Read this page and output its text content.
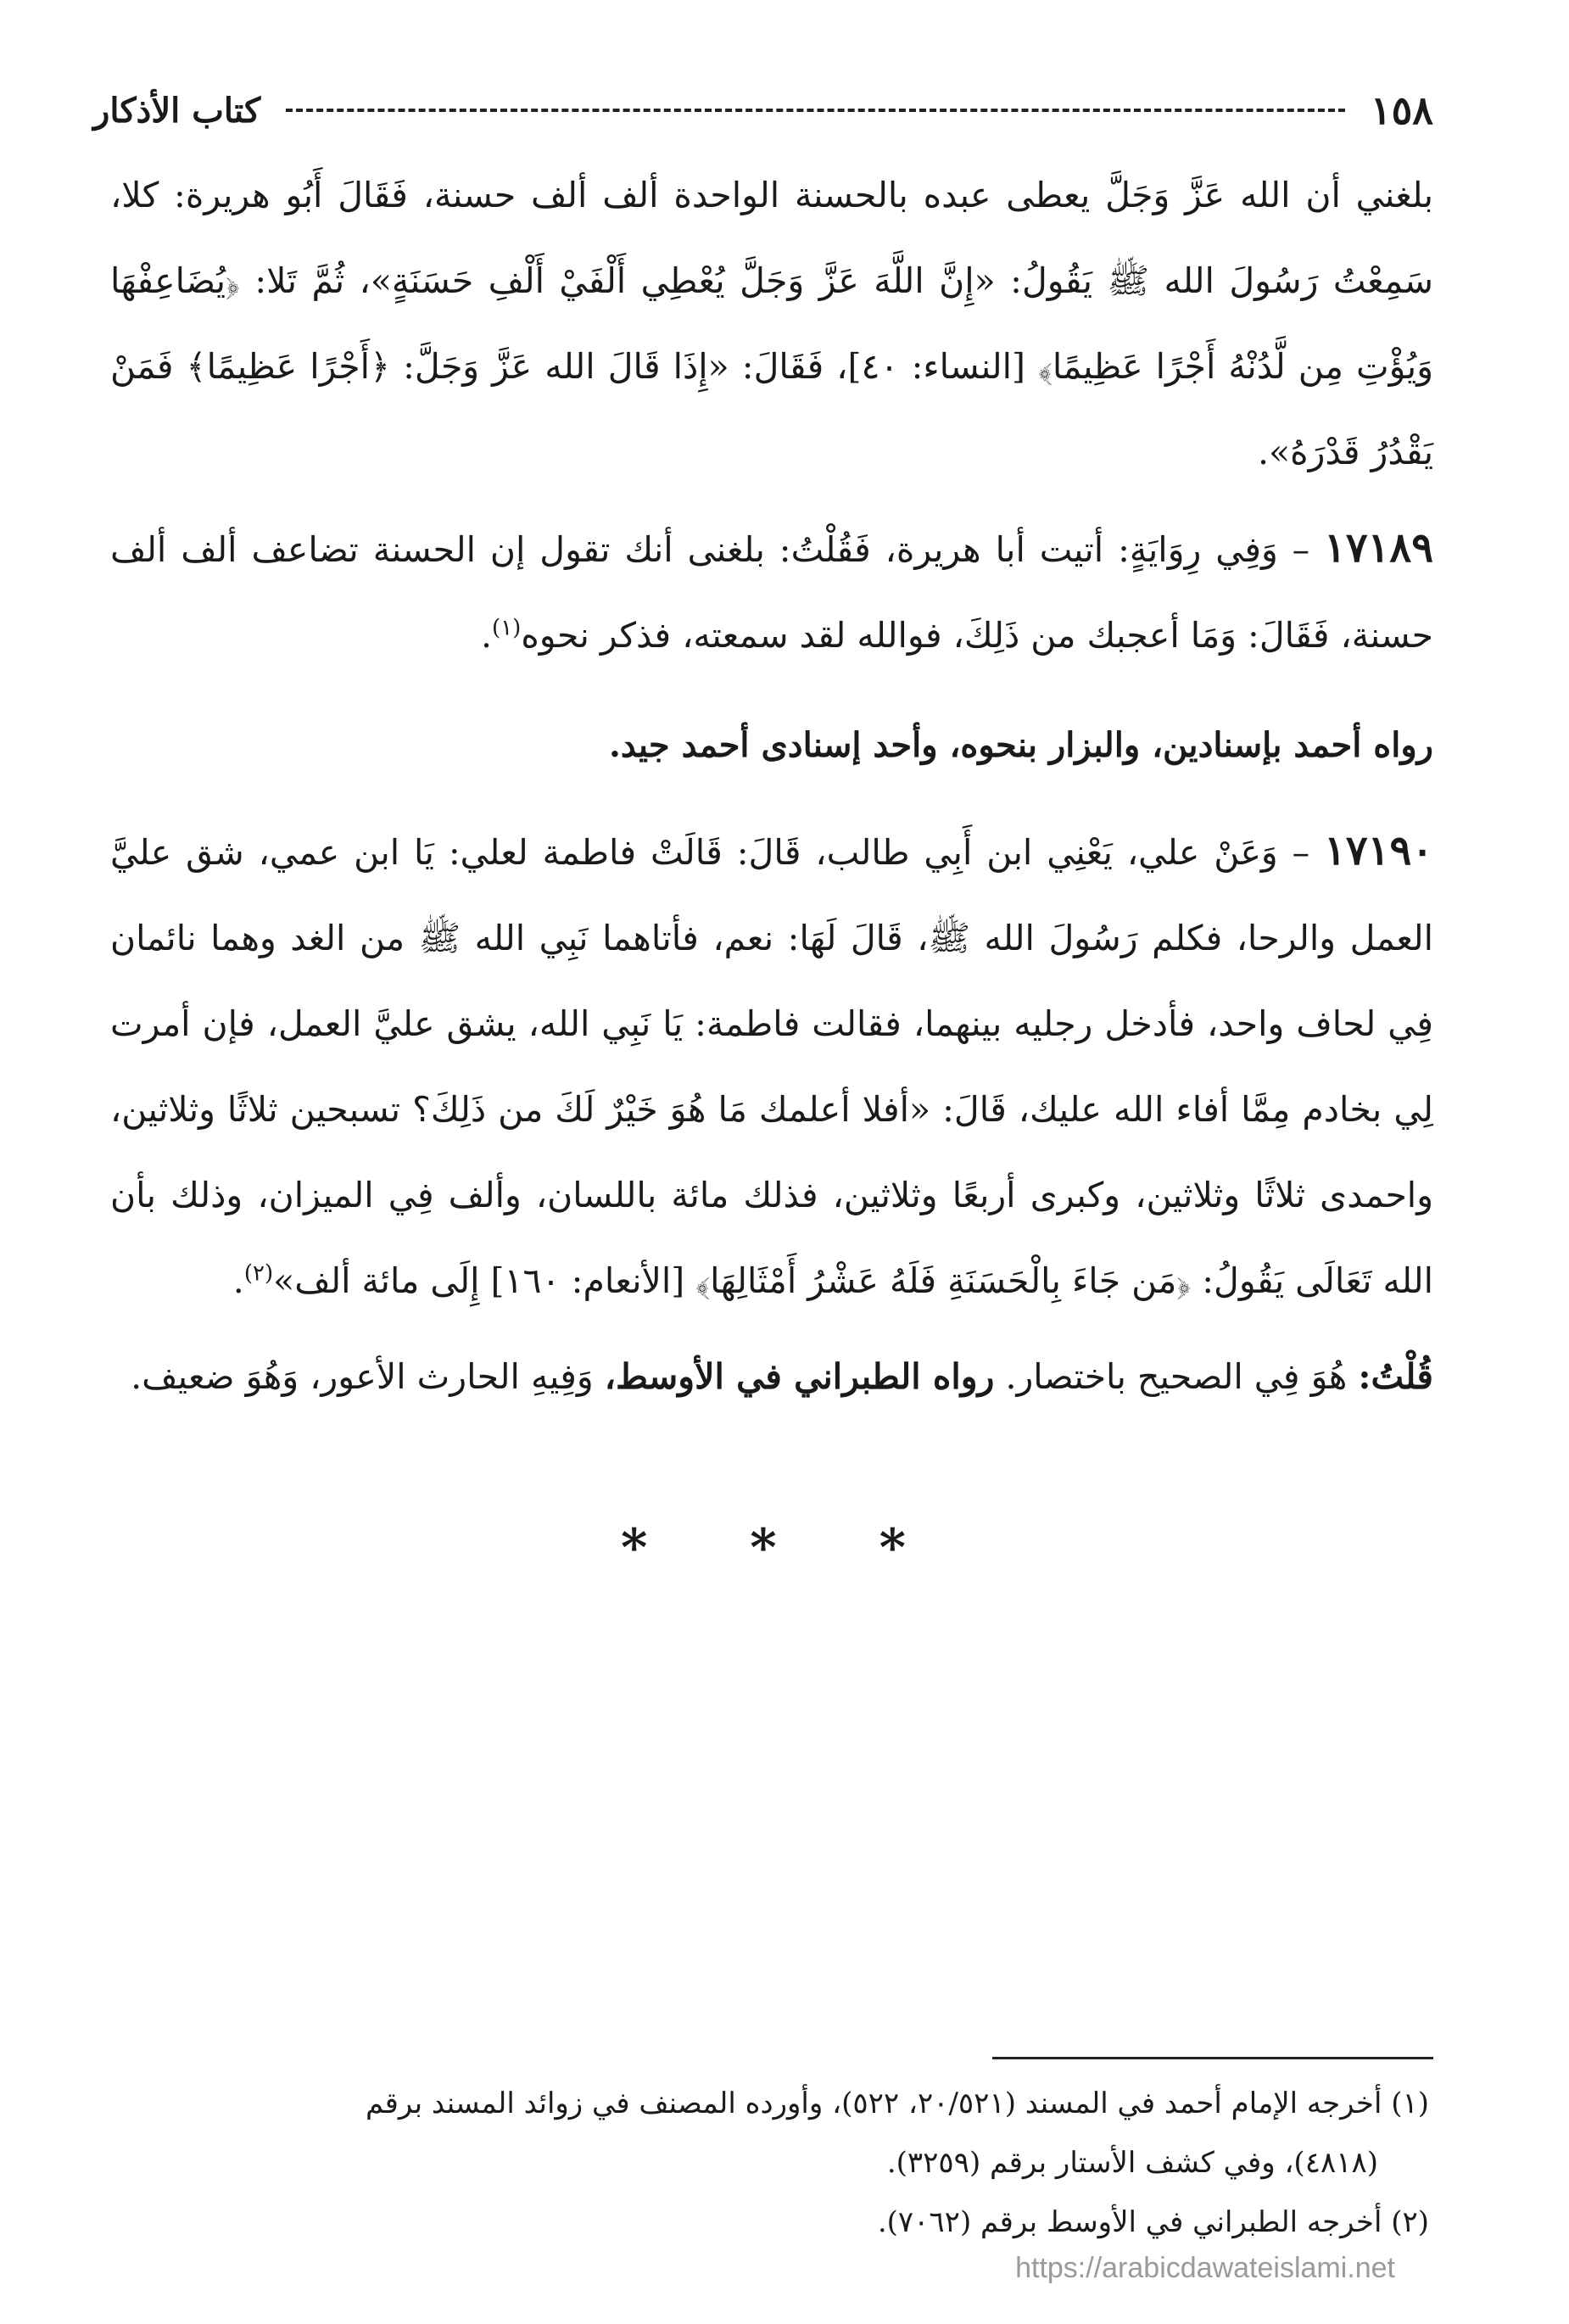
١٥٨
كتاب الأذكار

بلغني أن الله عَزَّ وَجَلَّ يعطى عبده بالحسنة الواحدة ألف ألف حسنة، فَقَالَ أَبُو هريرة: كلا، سَمِعْتُ رَسُولَ الله ﷺ يَقُولُ: «إِنَّ اللَّهَ عَزَّ وَجَلَّ يُعْطِي أَلْفَيْ أَلْفِ حَسَنَةٍ»، ثُمَّ تَلا: ﴿يُضَاعِفْهَا وَيُؤْتِ مِن لَّدُنْهُ أَجْرًا عَظِيمًا﴾ [النساء: ٤٠]، فَقَالَ: «إِذَا قَالَ الله عَزَّ وَجَلَّ: ﴿أَجْرًا عَظِيمًا﴾ فَمَنْ يَقْدُرُ قَدْرَهُ».

١٧١٨٩ – وَفِي رِوَايَةٍ: أتيت أبا هريرة، فَقُلْتُ: بلغنى أنك تقول إن الحسنة تضاعف ألف ألف حسنة، فَقَالَ: وَمَا أعجبك من ذَلِكَ، فوالله لقد سمعته، فذكر نحوه$^{(١)}$.

رواه أحمد بإسنادين، والبزار بنحوه، وأحد إسنادى أحمد جيد.

١٧١٩٠ – وَعَنْ علي، يَعْنِي ابن أَبِي طالب، قَالَ: قَالَتْ فاطمة لعلي: يَا ابن عمي، شق عليَّ العمل والرحا، فكلم رَسُولَ الله ﷺ، قَالَ لَهَا: نعم، فأتاهما نَبِي الله ﷺ من الغد وهما نائمان فِي لحاف واحد، فأدخل رجليه بينهما، فقالت فاطمة: يَا نَبِي الله، يشق عليَّ العمل، فإن أمرت لِي بخادم مِمَّا أفاء الله عليك، قَالَ: «أفلا أعلمك مَا هُوَ خَيْرٌ لَكَ من ذَلِكَ؟ تسبحين ثلاثًا وثلاثين، واحمدى ثلاثًا وثلاثين، وكبرى أربعًا وثلاثين، فذلك مائة باللسان، وألف فِي الميزان، وذلك بأن الله تَعَالَى يَقُولُ: ﴿مَن جَاءَ بِالْحَسَنَةِ فَلَهُ عَشْرُ أَمْثَالِهَا﴾ [الأنعام: ١٦٠] إِلَى مائة ألف»$^{(٢)}$.

قُلْتُ: هُوَ فِي الصحيح باختصار. رواه الطبراني في الأوسط، وَفِيهِ الحارث الأعور، وَهُوَ ضعيف.

* * *

(١) أخرجه الإمام أحمد في المسند (٢٠/٥٢١، ٥٢٢)، وأورده المصنف في زوائد المسند برقم

(٤٨١٨)، وفي كشف الأستار برقم (٣٢٥٩).

(٢) أخرجه الطبراني في الأوسط برقم (٧٠٦٢).

https://arabicdawateislami.net
